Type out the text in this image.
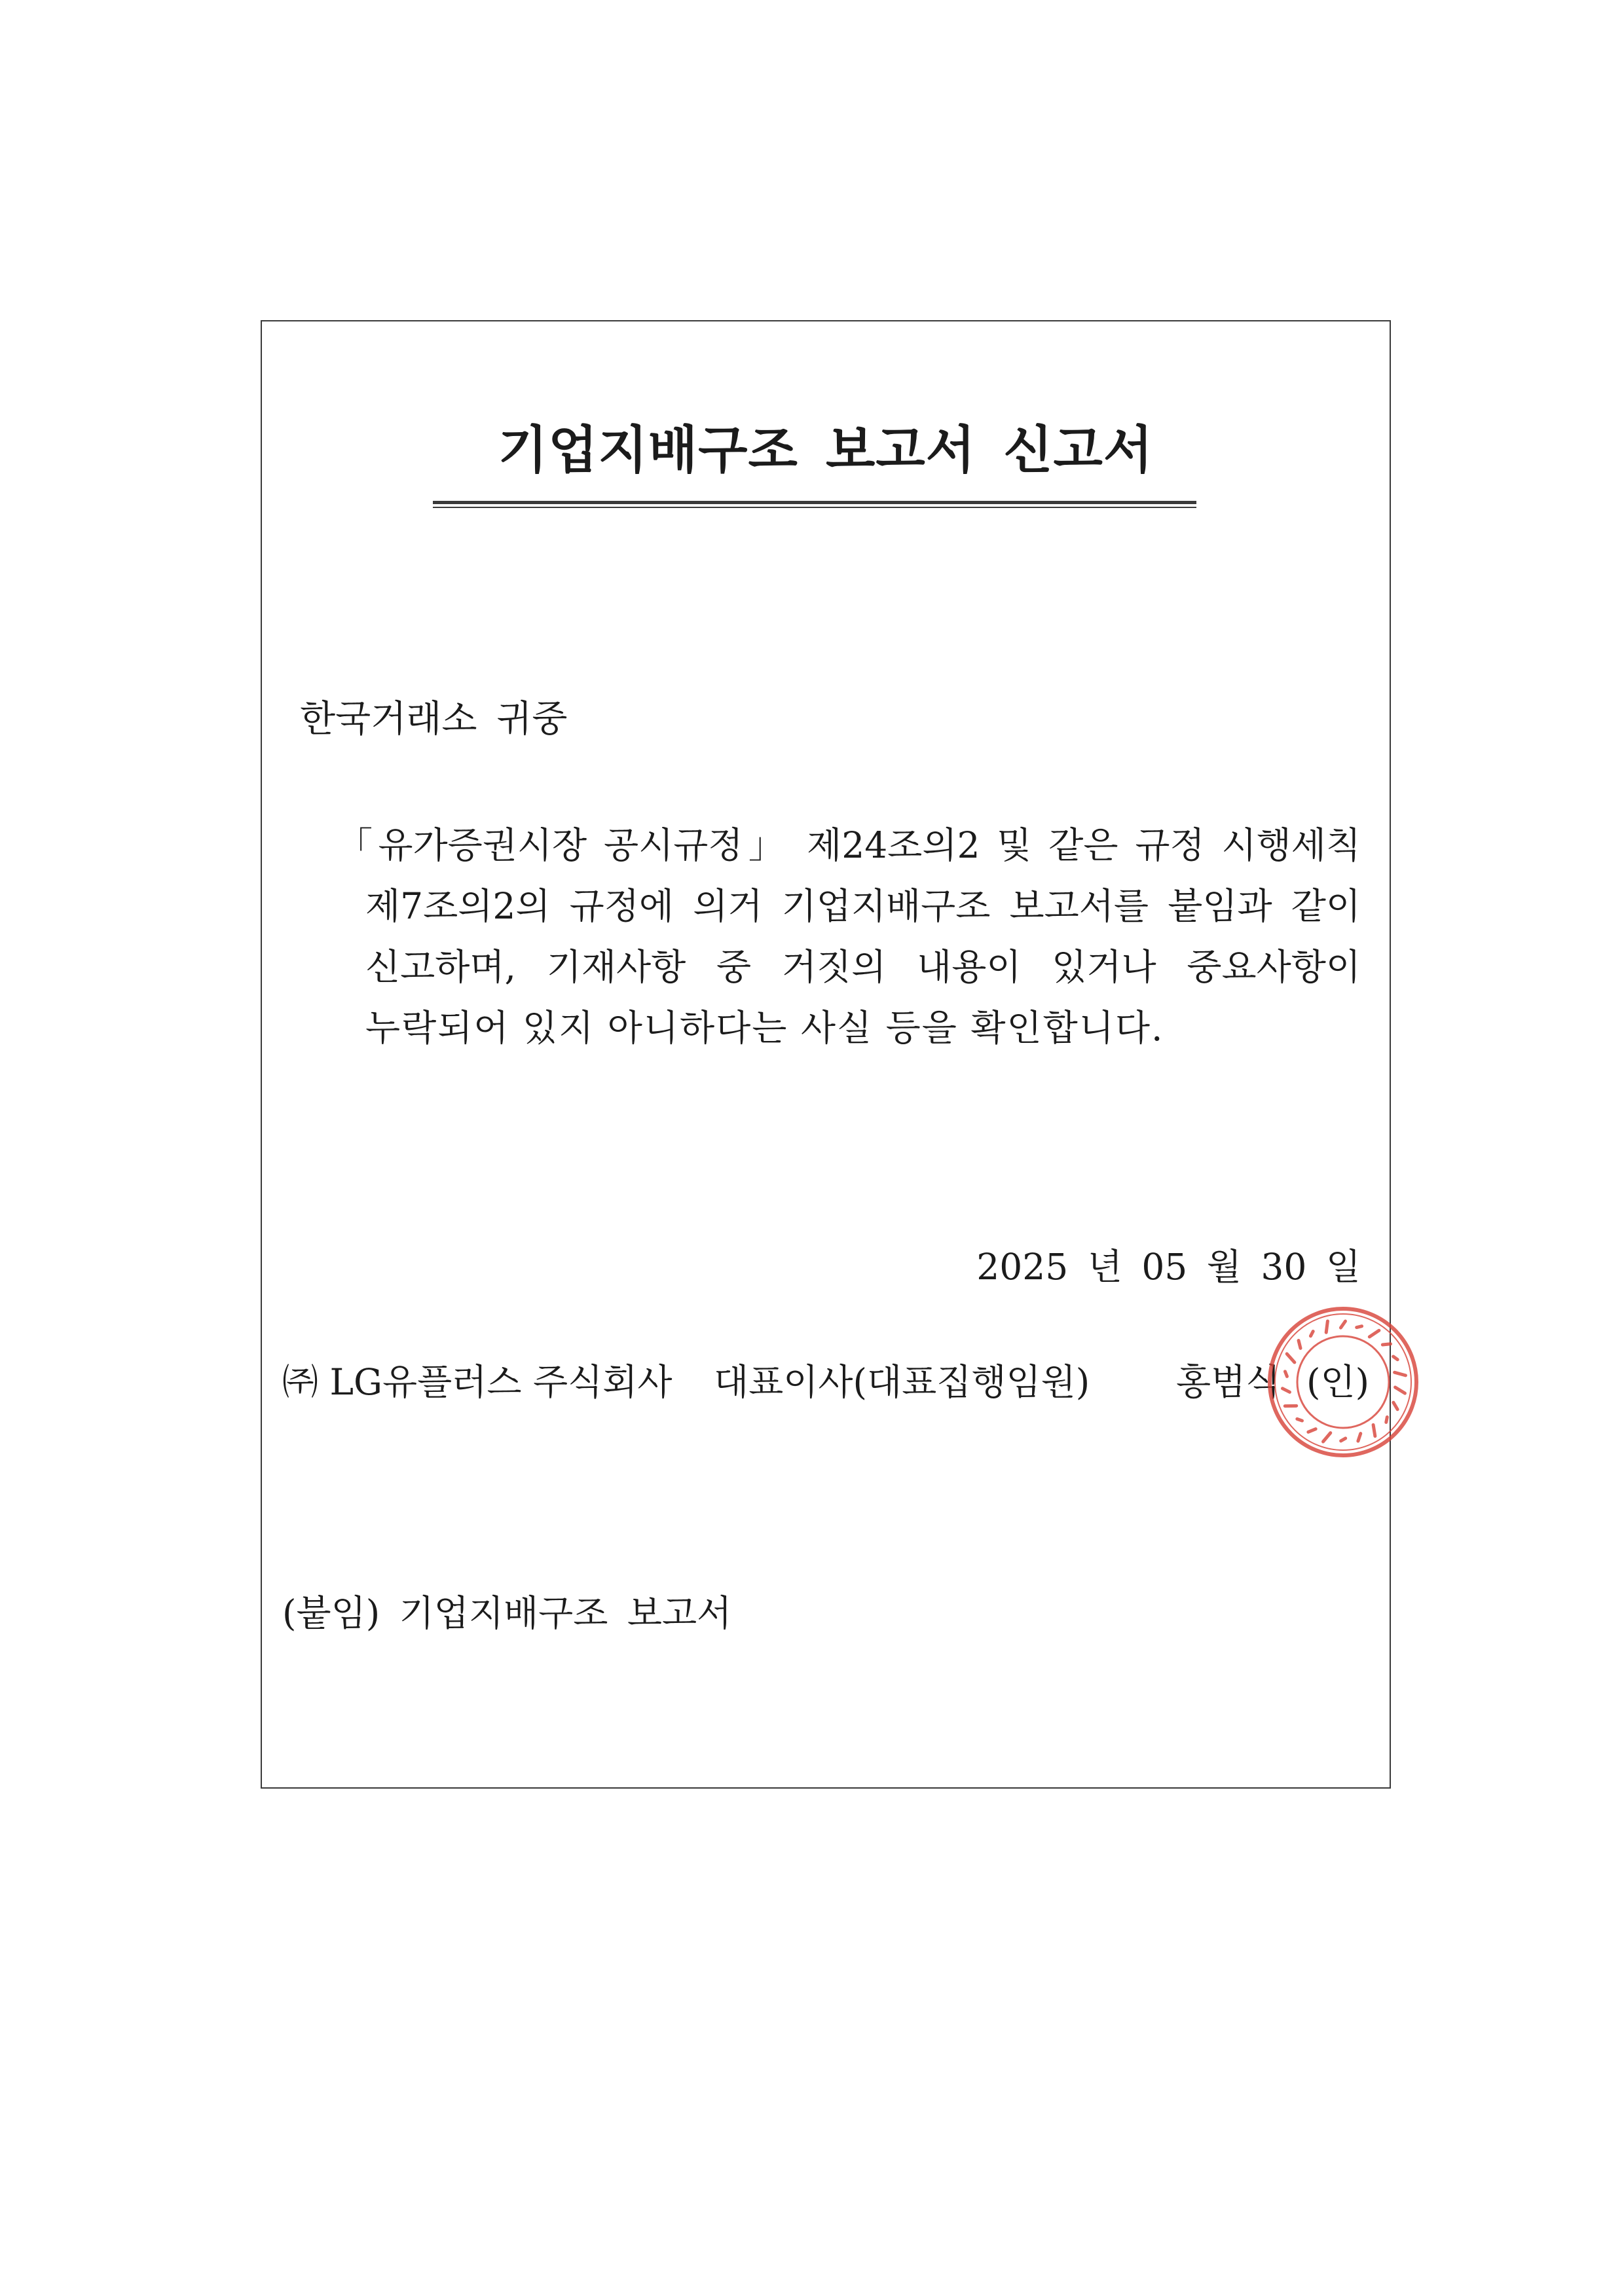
기업지배구조 보고서 신고서
한국거래소 귀중
「유가증권시장 공시규정」 제24조의2 및 같은 규정 시행세칙
제7조의2의 규정에 의거 기업지배구조 보고서를 붙임과 같이
신고하며, 기재사항 중 거짓의 내용이 있거나 중요사항이
누락되어 있지 아니하다는 사실 등을 확인합니다.
2025 년 05 월 30 일
㈜ LG유플러스 주식회사 대표이사(대표집행임원) 홍범식 (인)
(붙임) 기업지배구조 보고서
